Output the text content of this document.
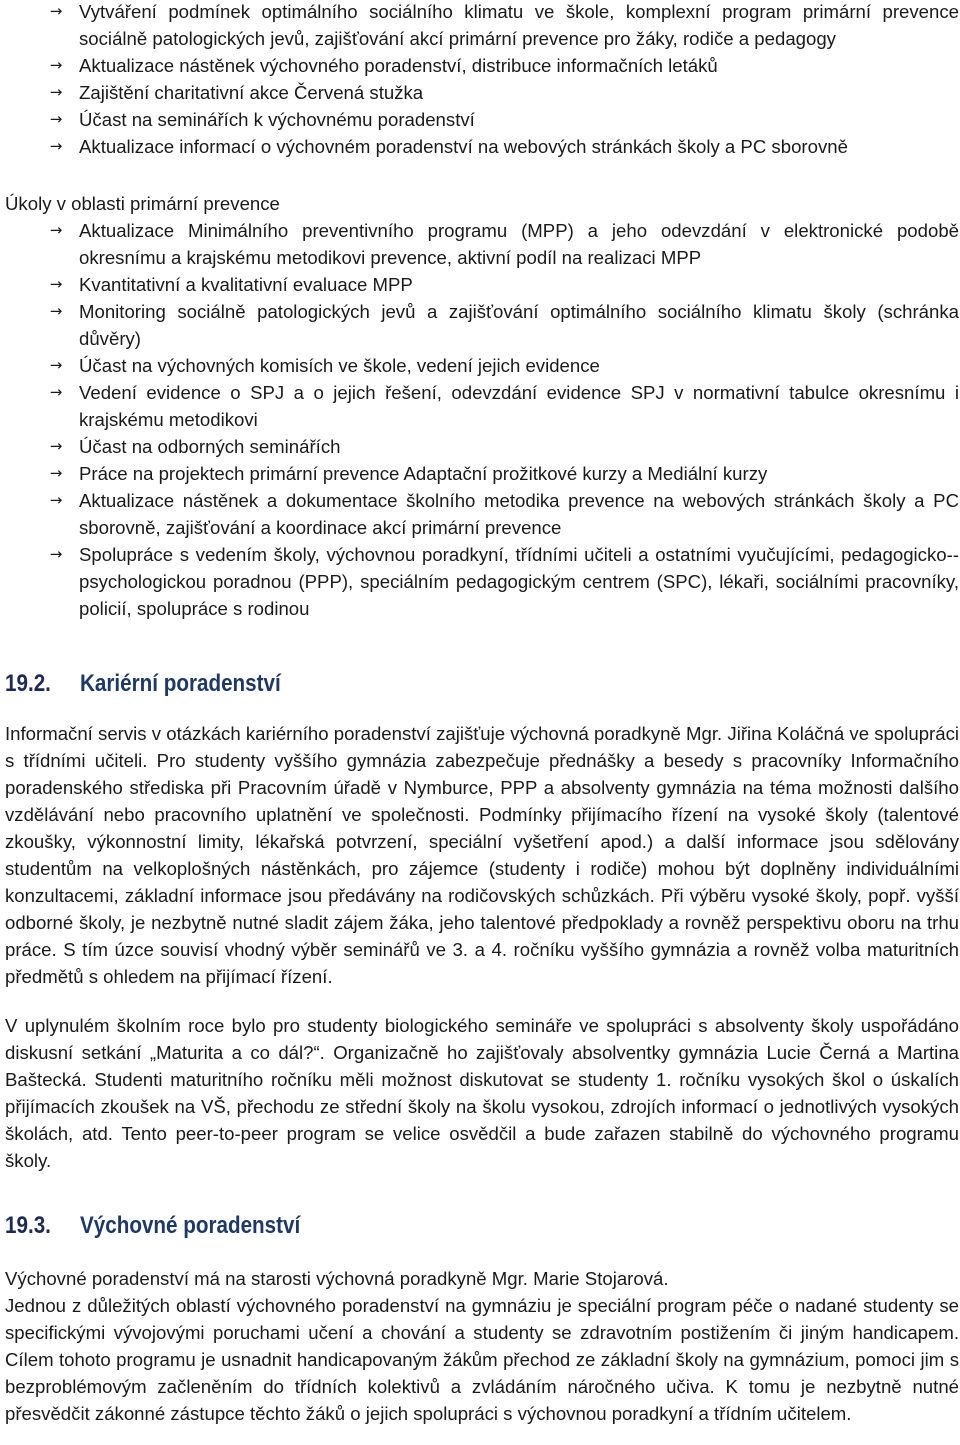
→ Vytváření podmínek optimálního sociálního klimatu ve škole, komplexní program primární prevence sociálně patologických jevů, zajišťování akcí primární prevence pro žáky, rodiče a pedagogy
→ Aktualizace nástěnek výchovného poradenství, distribuce informačních letáků
→ Zajištění charitativní akce Červená stužka
→ Účast na seminářích k výchovnému poradenství
→ Aktualizace informací o výchovném poradenství na webových stránkách školy a PC sborovně
Úkoly v oblasti primární prevence
→ Aktualizace Minimálního preventivního programu (MPP) a jeho odevzdání v elektronické podobě okresnímu a krajskému metodikovi prevence, aktivní podíl na realizaci MPP
→ Kvantitativní a kvalitativní evaluace MPP
→ Monitoring sociálně patologických jevů a zajišťování optimálního sociálního klimatu školy (schránka důvěry)
→ Účast na výchovných komisích ve škole, vedení jejich evidence
→ Vedení evidence o SPJ a o jejich řešení, odevzdání evidence SPJ v normativní tabulce okresnímu i krajskému metodikovi
→ Účast na odborných seminářích
→ Práce na projektech primární prevence Adaptační prožitkové kurzy a Mediální kurzy
→ Aktualizace nástěnek a dokumentace školního metodika prevence na webových stránkách školy a PC sborovně, zajišťování a koordinace akcí primární prevence
→ Spolupráce s vedením školy, výchovnou poradkyní, třídními učiteli a ostatními vyučujícími, pedagogicko--psychologickou poradnou (PPP), speciálním pedagogickým centrem (SPC), lékaři, sociálními pracovníky, policií, spolupráce s rodinou
19.2.	Kariérní poradenství

Informační servis v otázkách kariérního poradenství zajišťuje výchovná poradkyně Mgr. Jiřina Koláčná ve spolupráci s třídními učiteli. Pro studenty vyššího gymnázia zabezpečuje přednášky a besedy s pracovníky Informačního poradenského střediska při Pracovním úřadě v Nymburce, PPP a absolventy gymnázia na téma možnosti dalšího vzdělávání nebo pracovního uplatnění ve společnosti. Podmínky přijímacího řízení na vysoké školy (talentové zkoušky, výkonnostní limity, lékařská potvrzení, speciální vyšetření apod.) a další informace jsou sdělovány studentům na velkoplošných nástěnkách, pro zájemce (studenty i rodiče) mohou být doplněny individuálními konzultacemi, základní informace jsou předávány na rodičovských schůzkách. Při výběru vysoké školy, popř. vyšší odborné školy, je nezbytně nutné sladit zájem žáka, jeho talentové předpoklady a rovněž perspektivu oboru na trhu práce. S tím úzce souvisí vhodný výběr seminářů ve 3. a 4. ročníku vyššího gymnázia a rovněž volba maturitních předmětů s ohledem na přijímací řízení.

V uplynulém školním roce bylo pro studenty biologického semináře ve spolupráci s absolventy školy uspořádáno diskusní setkání „Maturita a co dál?“. Organizačně ho zajišťovaly absolventky gymnázia Lucie Černá a Martina Baštecká. Studenti maturitního ročníku měli možnost diskutovat se studenty 1. ročníku vysokých škol o úskalích přijímacích zkoušek na VŠ, přechodu ze střední školy na školu vysokou, zdrojích informací o jednotlivých vysokých školách, atd. Tento peer-to-peer program se velice osvědčil a bude zařazen stabilně do výchovného programu školy.

19.3.	Výchovné poradenství

Výchovné poradenství má na starosti výchovná poradkyně Mgr. Marie Stojarová.

Jednou z důležitých oblastí výchovného poradenství na gymnáziu je speciální program péče o nadané studenty se specifickými vývojovými poruchami učení a chování a studenty se zdravotním postižením či jiným handicapem. Cílem tohoto programu je usnadnit handicapovaným žákům přechod ze základní školy na gymnázium, pomoci jim s bezproblémovým začleněním do třídních kolektivů a zvládáním náročného učiva. K tomu je nezbytně nutné přesvědčit zákonné zástupce těchto žáků o jejich spolupráci s výchovnou poradkyní a třídním učitelem.
